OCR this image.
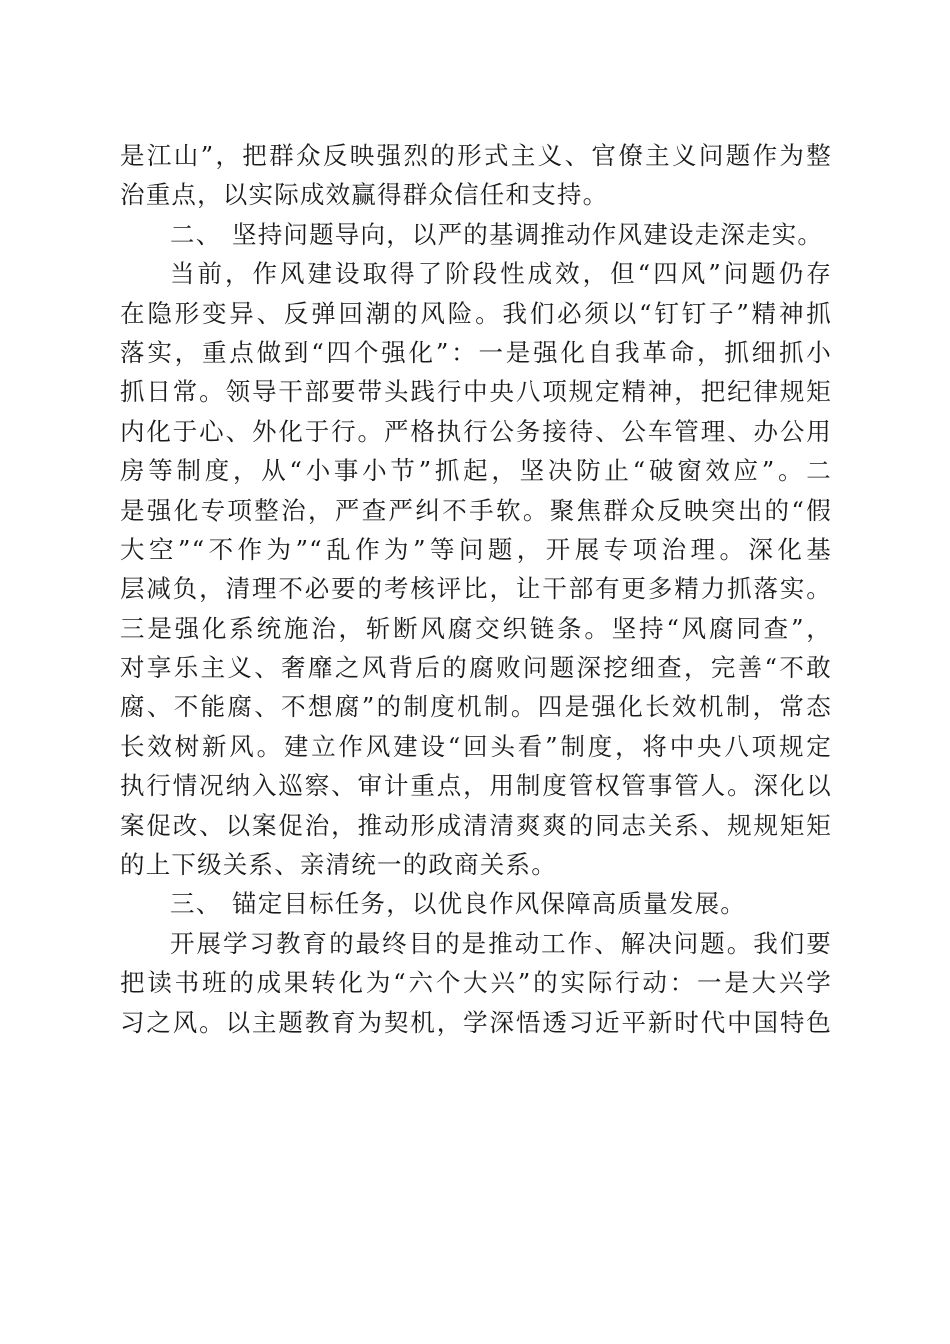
是江山”，把群众反映强烈的形式主义、官僚主义问题作为整
治重点，以实际成效赢得群众信任和支持。
二、 坚持问题导向，以严的基调推动作风建设走深走实。
当前，作风建设取得了阶段性成效，但“四风”问题仍存
在隐形变异、反弹回潮的风险。我们必须以“钉钉子”精神抓
落实，重点做到“四个强化”：一是强化自我革命，抓细抓小
抓日常。领导干部要带头践行中央八项规定精神，把纪律规矩
内化于心、外化于行。严格执行公务接待、公车管理、办公用
房等制度，从“小事小节”抓起，坚决防止“破窗效应”。二
是强化专项整治，严查严纠不手软。聚焦群众反映突出的“假
大空”“不作为”“乱作为”等问题，开展专项治理。深化基
层减负，清理不必要的考核评比，让干部有更多精力抓落实。
三是强化系统施治，斩断风腐交织链条。坚持“风腐同查”，
对享乐主义、奢靡之风背后的腐败问题深挖细查，完善“不敢
腐、不能腐、不想腐”的制度机制。四是强化长效机制，常态
长效树新风。建立作风建设“回头看”制度，将中央八项规定
执行情况纳入巡察、审计重点，用制度管权管事管人。深化以
案促改、以案促治，推动形成清清爽爽的同志关系、规规矩矩
的上下级关系、亲清统一的政商关系。
三、 锚定目标任务，以优良作风保障高质量发展。
开展学习教育的最终目的是推动工作、解决问题。我们要
把读书班的成果转化为“六个大兴”的实际行动：一是大兴学
习之风。以主题教育为契机，学深悟透习近平新时代中国特色
